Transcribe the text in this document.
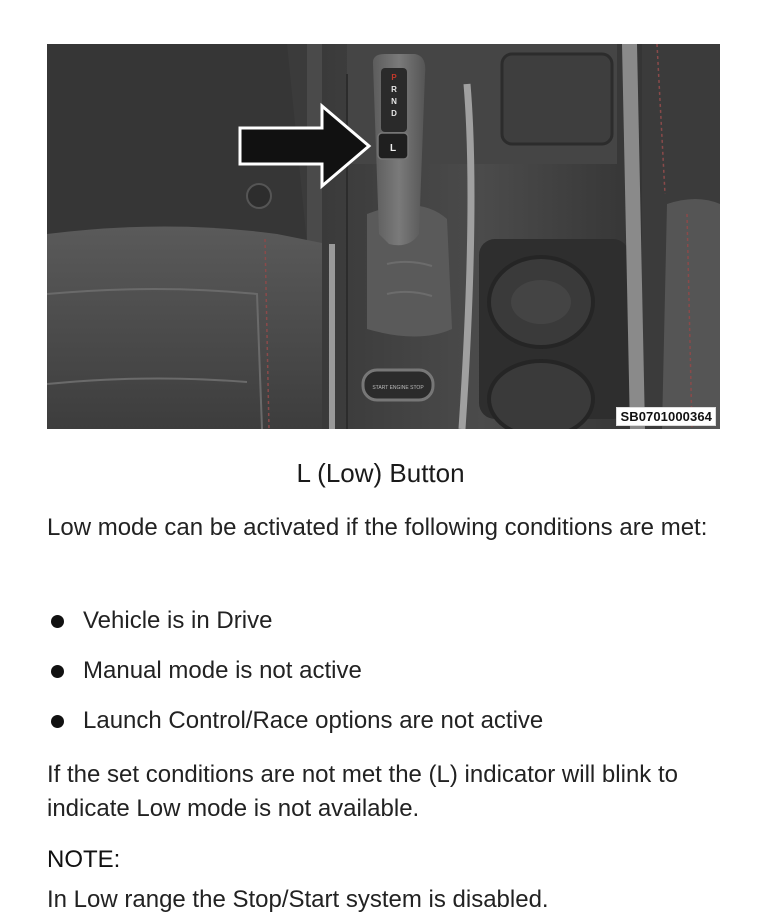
P
R
N
D
L
START ENGINE STOP
SB0701000364
L (Low) Button
Low mode can be activated if the following conditions are met:
Vehicle is in Drive
Manual mode is not active
Launch Control/Race options are not active
If the set conditions are not met the (L) indicator will blink to indicate Low mode is not available.
NOTE:
In Low range the Stop/Start system is disabled.
